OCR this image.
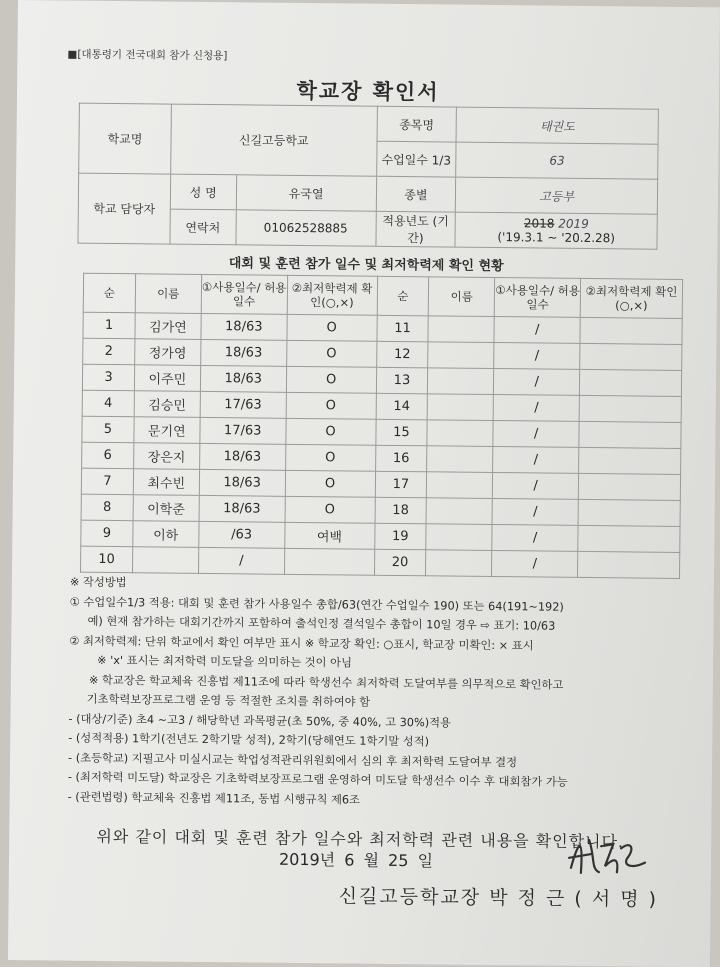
■[대통령기 전국대회 참가 신청용]
학교장 확인서
학교명	신길고등학교		종목명	태권도
			수업일수 1/3	63
학교 담당자	성 명	유국열	종별	고등부
	연락처	01062528885	적용년도 (기간)	2018 2019
('19.3.1 ~ '20.2.28)
대회 및 훈련 참가 일수 및 최저학력제 확인 현황
순	이름	①사용일수/ 허용일수	②최저학력제 확인(○,×)	순	이름	①사용일수/ 허용일수	②최저학력제 확인(○,×)
1	김가연	18/63	O	11		/	
2	정가영	18/63	O	12		/	
3	이주민	18/63	O	13		/	
4	김승민	17/63	O	14		/	
5	문기연	17/63	O	15		/	
6	장은지	18/63	O	16		/	
7	최수빈	18/63	O	17		/	
8	이학준	18/63	O	18		/	
9	이하	/63	여백	19		/	
10		/		20		/	
※ 작성방법
① 수업일수1/3 적용: 대회 및 훈련 참가 사용일수 총합/63(연간 수업일수 190) 또는 64(191~192)
예) 현재 참가하는 대회기간까지 포함하여 출석인정 결석일수 총합이 10일 경우 ⇨ 표기: 10/63
② 최저학력제: 단위 학교에서 확인 여부만 표시 ※ 학교장 확인: ○표시, 학교장 미확인: × 표시
※ 'x' 표시는 최저학력 미도달을 의미하는 것이 아님
※ 학교장은 학교체육 진흥법 제11조에 따라 학생선수 최저학력 도달여부를 의무적으로 확인하고
기초학력보장프로그램 운영 등 적절한 조치를 취하여야 함
- (대상/기준) 초4 ~고3 / 해당학년 과목평균(초 50%, 중 40%, 고 30%)적용
- (성적적용) 1학기(전년도 2학기말 성적), 2학기(당해연도 1학기말 성적)
- (초등학교) 지필고사 미실시교는 학업성적관리위원회에서 심의 후 최저학력 도달여부 결정
- (최저학력 미도달) 학교장은 기초학력보장프로그램 운영하여 미도달 학생선수 이수 후 대회참가 가능
- (관련법령) 학교체육 진흥법 제11조, 동법 시행규칙 제6조
위와 같이 대회 및 훈련 참가 일수와 최저학력 관련 내용을 확인합니다.
2019년 6 월 25 일
신길고등학교장 박 정 근 ( 서 명 )
